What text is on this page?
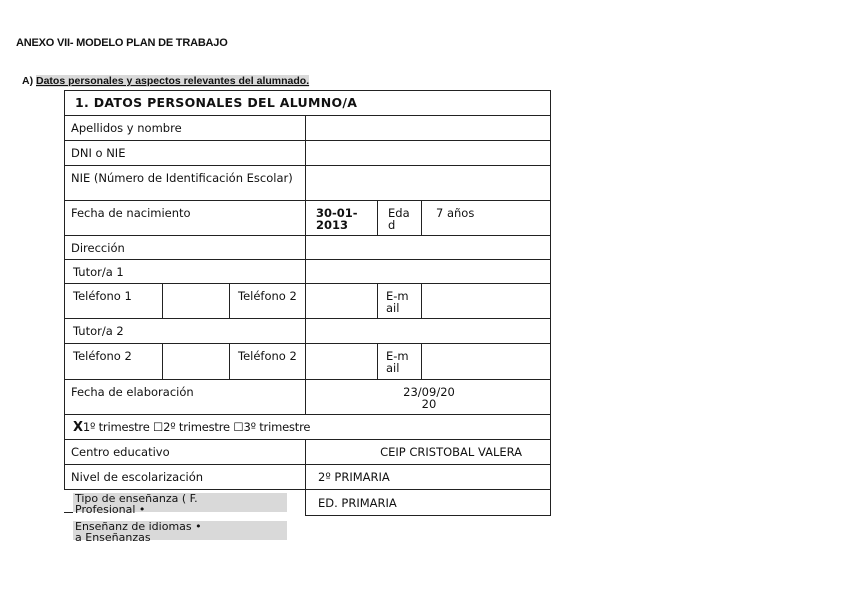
ANEXO VII- MODELO PLAN DE TRABAJO
A) Datos personales y aspectos relevantes del alumnado.
1. DATOS PERSONALES DEL ALUMNO/A					
Apellidos y nombre					
DNI o NIE					
NIE (Número de Identificación Escolar)					
Fecha de nacimiento			30-01-2013	Edad	7 años
Dirección					
Tutor/a 1					
Teléfono 1		Teléfono 2		E-mail	
Tutor/a 2					
Teléfono 2		Teléfono 2		E-mail	
Fecha de elaboración			23/09/2020		

X1º trimestre ☐2º trimestre ☐3º trimestre					
Centro educativo			CEIP CRISTOBAL VALERA		
Nivel de escolarización			2º PRIMARIA		
			ED. PRIMARIA		
Tipo de enseñanza ( F.
Profesional •
Enseñanz de idiomas •
a Enseñanzas
